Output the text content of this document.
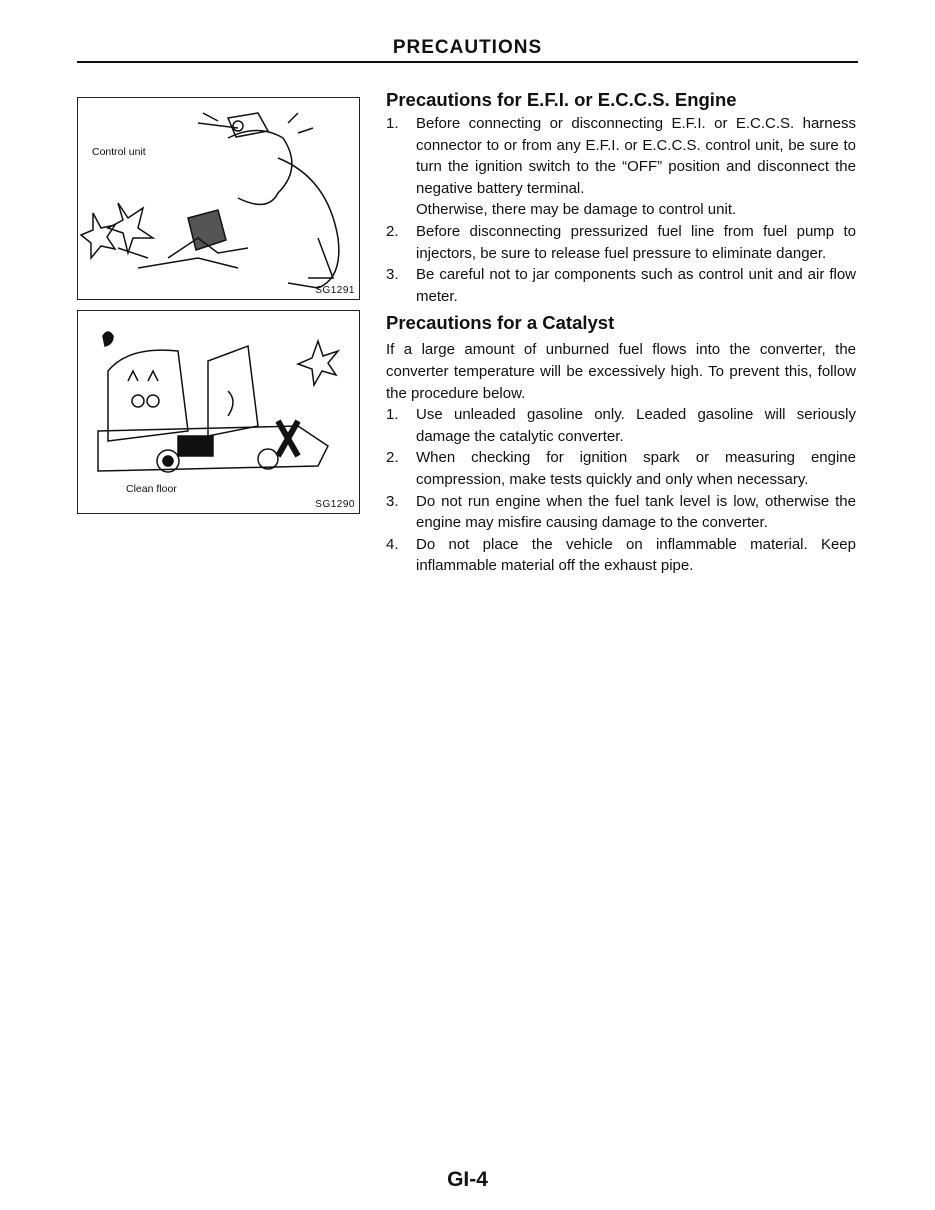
PRECAUTIONS
Control unit
SG1291
Clean floor
SG1290
Precautions for E.F.I. or E.C.C.S. Engine
1. Before connecting or disconnecting E.F.I. or E.C.C.S. harness connector to or from any E.F.I. or E.C.C.S. control unit, be sure to turn the ignition switch to the “OFF” position and disconnect the negative battery terminal.
Otherwise, there may be damage to control unit.
2. Before disconnecting pressurized fuel line from fuel pump to injectors, be sure to release fuel pressure to eliminate danger.
3. Be careful not to jar components such as control unit and air flow meter.
Precautions for a Catalyst

If a large amount of unburned fuel flows into the converter, the converter temperature will be excessively high. To prevent this, follow the procedure below.

1. Use unleaded gasoline only. Leaded gasoline will seriously damage the catalytic converter.
2. When checking for ignition spark or measuring engine compression, make tests quickly and only when necessary.
3. Do not run engine when the fuel tank level is low, otherwise the engine may misfire causing damage to the converter.
4. Do not place the vehicle on inflammable material. Keep inflammable material off the exhaust pipe.
GI-4
